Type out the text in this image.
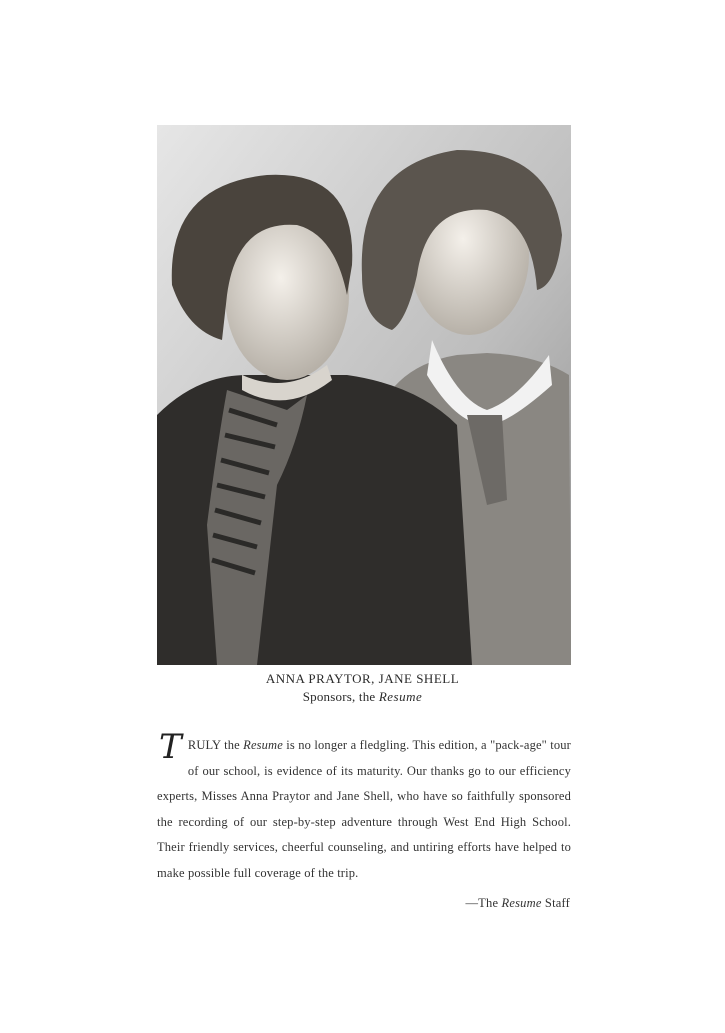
ANNA PRAYTOR, JANE SHELL
Sponsors, the Resume
TRULY the Resume is no longer a fledgling. This edition, a "pack-age" tour of our school, is evidence of its maturity. Our thanks go to our efficiency experts, Misses Anna Praytor and Jane Shell, who have so faithfully sponsored the recording of our step-by-step adventure through West End High School. Their friendly services, cheerful counseling, and untiring efforts have helped to make possible full coverage of the trip.
—The Resume Staff
